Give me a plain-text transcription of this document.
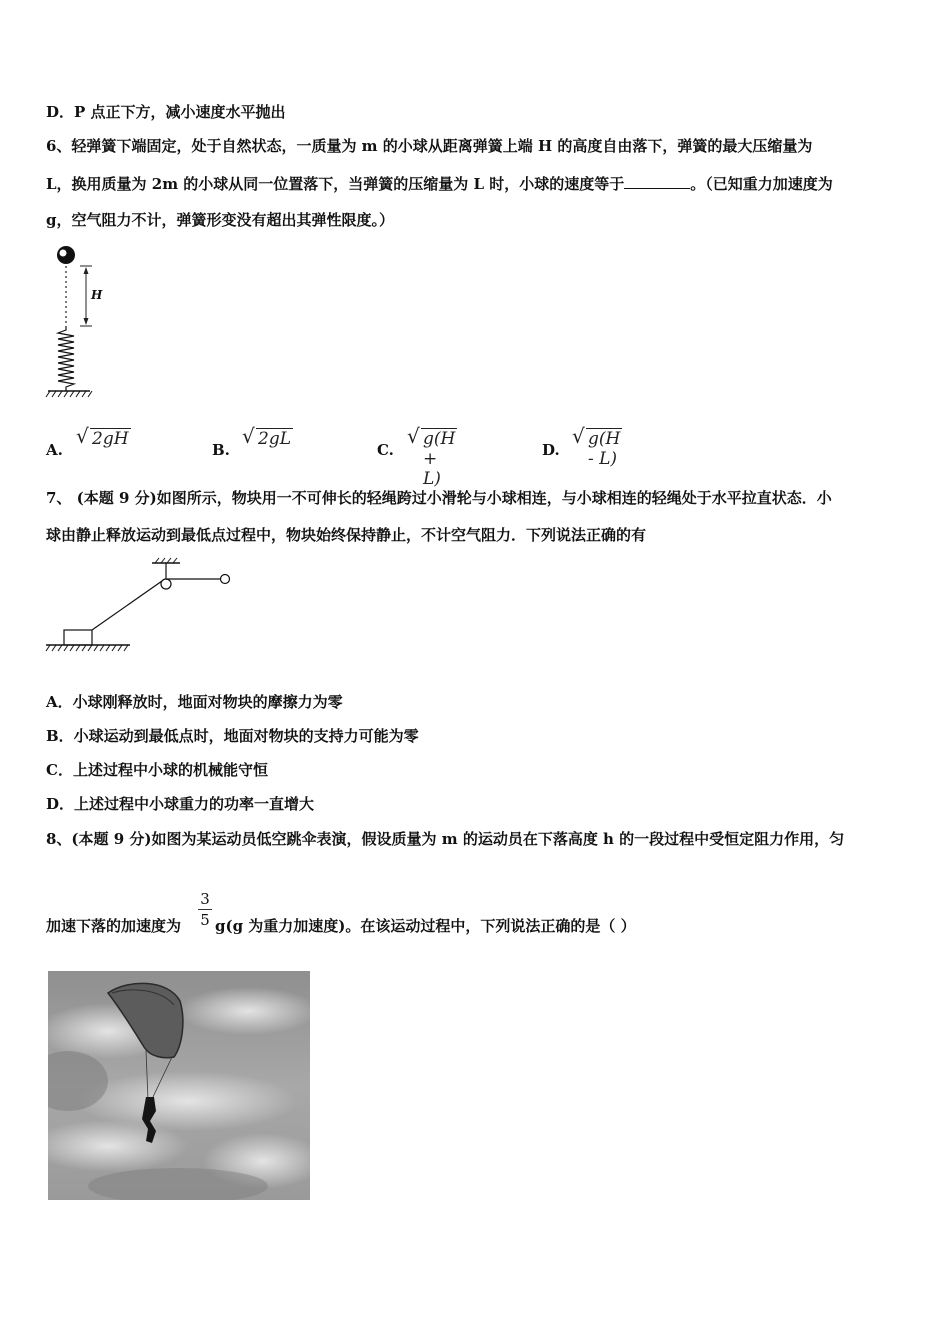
D．P 点正下方，减小速度水平抛出
6、轻弹簧下端固定，处于自然状态，一质量为 m 的小球从距离弹簧上端 H 的高度自由落下，弹簧的最大压缩量为
L，换用质量为 2m 的小球从同一位置落下，当弹簧的压缩量为 L 时，小球的速度等于	。（已知重力加速度为
g，空气阻力不计，弹簧形变没有超出其弹性限度。）
H
A.
√ 2gH
B.
√ 2gL
C.
√ g(H + L)
D.
√ g(H - L)
7、 (本题 9 分)如图所示，物块用一不可伸长的轻绳跨过小滑轮与小球相连，与小球相连的轻绳处于水平拉直状态．小
球由静止释放运动到最低点过程中，物块始终保持静止，不计空气阻力．下列说法正确的有
A．小球刚释放时，地面对物块的摩擦力为零
B．小球运动到最低点时，地面对物块的支持力可能为零
C．上述过程中小球的机械能守恒
D．上述过程中小球重力的功率一直增大
8、(本题 9 分)如图为某运动员低空跳伞表演，假设质量为 m 的运动员在下落高度 h 的一段过程中受恒定阻力作用，匀
加速下落的加速度为 $\frac{3}{5} g(g$ 为重力加速度)。在该运动过程中，下列说法正确的是（ ）
